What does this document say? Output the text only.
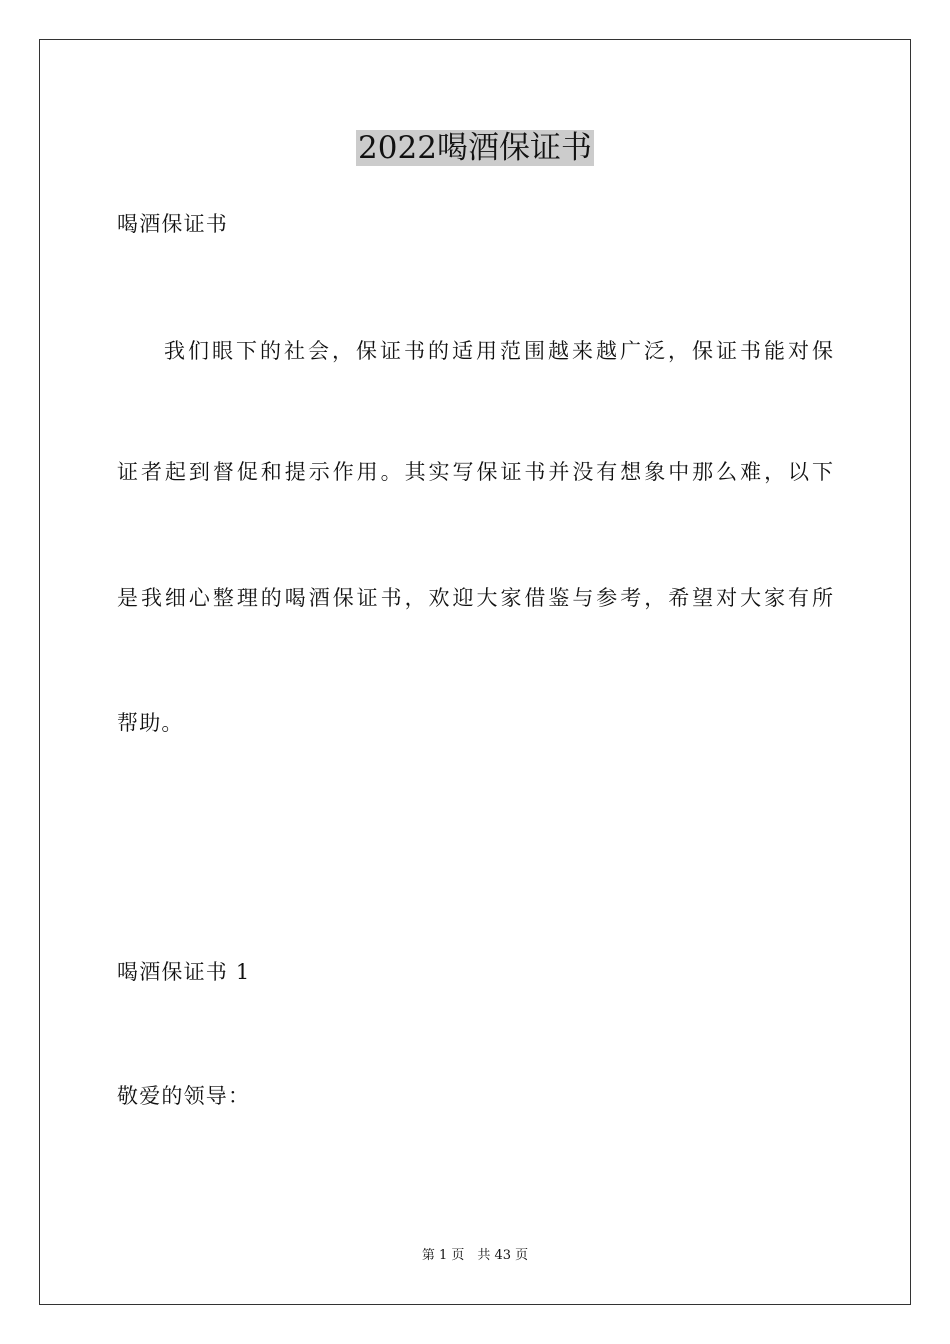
2022喝酒保证书
喝酒保证书
我们眼下的社会，保证书的适用范围越来越广泛，保证书能对保
证者起到督促和提示作用。其实写保证书并没有想象中那么难，以下
是我细心整理的喝酒保证书，欢迎大家借鉴与参考，希望对大家有所
帮助。
喝酒保证书 1
敬爱的领导：
第 1 页　共 43 页
